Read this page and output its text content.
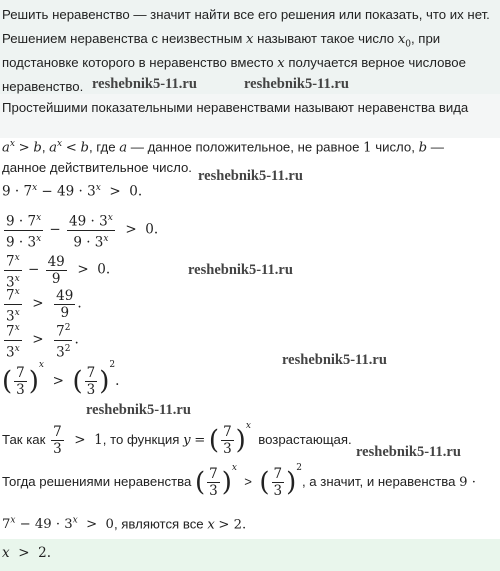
Решить неравенство — значит найти все его решения или показать, что их нет.
Решением неравенства с неизвестным x называют такое число $x_0$, при
подстановке которого в неравенство вместо x получается верное числовое
неравенство. reshebnik5-11.ru	reshebnik5-11.ru
Простейшими показательными неравенствами называют неравенства вида
$a^x > b$, $a^x < b$, где a — данное положительное, не равное 1 число, b —
данное действительное число.
reshebnik5-11.ru
$9 \cdot 7^x - 49 \cdot 3^x > 0$.
$\frac{9 \cdot 7^x}{9 \cdot 3^x} - \frac{49 \cdot 3^x}{9 \cdot 3^x} > 0$.
$\frac{7^x}{3^x} - \frac{49}{9} > 0$.	reshebnik5-11.ru
$\frac{7^x}{3^x} > \frac{49}{9}$ .
$\frac{7^x}{3^x} > \frac{7^2}{3^2}$ .
reshebnik5-11.ru
( $\frac{7}{3} )^x$  >  ( $\frac{7}{3} )^2$.
Так как $\frac{7}{3} > 1$, то функция y = ( $\frac{7}{3} )^x$  возрастающая.
reshebnik5-11.ru
Тогда решениями неравенства ( $\frac{7}{3} )^x$  >  ( $\frac{7}{3} )^2$, а значит, и неравенства 9 ·
reshebnik5-11.ru
$7^x - 49 \cdot 3^x > 0$, являются все x > 2.
x  >  2.
